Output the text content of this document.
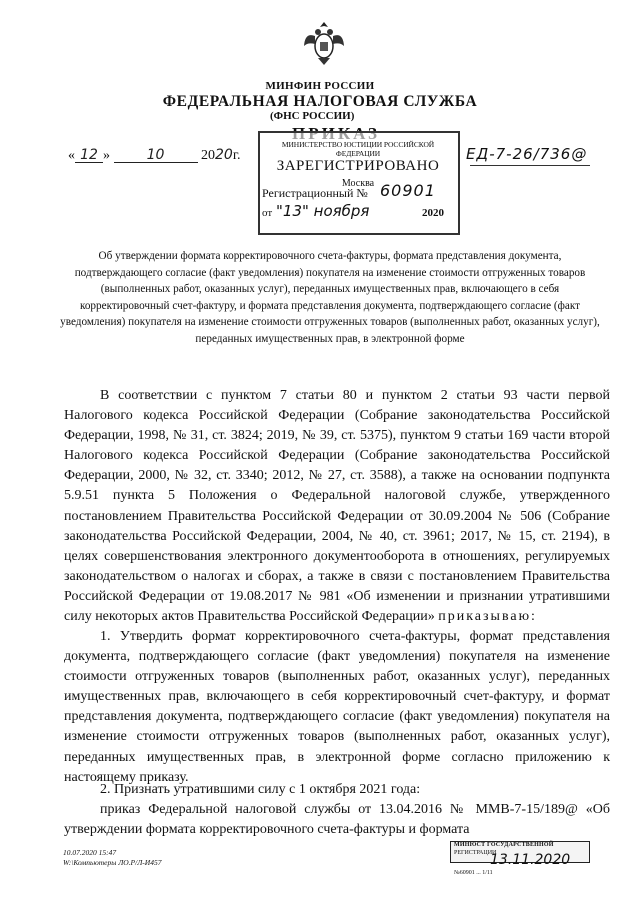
МИНФИН РОССИИ
ФЕДЕРАЛЬНАЯ НАЛОГОВАЯ СЛУЖБА
(ФНС РОССИИ)
« 12 »	10	2020г.	ЕД-7-26/736@
МИНИСТЕРСТВО ЮСТИЦИИ РОССИЙСКОЙ ФЕДЕРАЦИИ
ЗАРЕГИСТРИРОВАНО
Москва
Регистрационный № 60901
от "13" ноября	2020
Об утверждении формата корректировочного счета-фактуры, формата представления документа, подтверждающего согласие (факт уведомления) покупателя на изменение стоимости отгруженных товаров (выполненных работ, оказанных услуг), переданных имущественных прав, включающего в себя корректировочный счет-фактуру, и формата представления документа, подтверждающего согласие (факт уведомления) покупателя на изменение стоимости отгруженных товаров (выполненных работ, оказанных услуг), переданных имущественных прав, в электронной форме
В соответствии с пунктом 7 статьи 80 и пунктом 2 статьи 93 части первой Налогового кодекса Российской Федерации (Собрание законодательства Российской Федерации, 1998, № 31, ст. 3824; 2019, № 39, ст. 5375), пунктом 9 статьи 169 части второй Налогового кодекса Российской Федерации (Собрание законодательства Российской Федерации, 2000, № 32, ст. 3340; 2012, № 27, ст. 3588), а также на основании подпункта 5.9.51 пункта 5 Положения о Федеральной налоговой службе, утвержденного постановлением Правительства Российской Федерации от 30.09.2004 № 506 (Собрание законодательства Российской Федерации, 2004, № 40, ст. 3961; 2017, № 15, ст. 2194), в целях совершенствования электронного документооборота в отношениях, регулируемых законодательством о налогах и сборах, а также в связи с постановлением Правительства Российской Федерации от 19.08.2017 № 981 «Об изменении и признании утратившими силу некоторых актов Правительства Российской Федерации» приказываю:
1. Утвердить формат корректировочного счета-фактуры, формат представления документа, подтверждающего согласие (факт уведомления) покупателя на изменение стоимости отгруженных товаров (выполненных работ, оказанных услуг), переданных имущественных прав, включающего в себя корректировочный счет-фактуру, и формат представления документа, подтверждающего согласие (факт уведомления) покупателя на изменение стоимости отгруженных товаров (выполненных работ, оказанных услуг), переданных имущественных прав, в электронной форме согласно приложению к настоящему приказу.
2. Признать утратившими силу с 1 октября 2021 года:
приказ Федеральной налоговой службы от 13.04.2016 № ММВ-7-15/189@ «Об утверждении формата корректировочного счета-фактуры и формата
10.07.2020 15:47
W:\Компьютеры ЛО.Р/Л-И457
МИНЮСТ ГОСУДАРСТВЕННОЙ
РЕГИСТРАЦИИ
13.11.2020
№60901 ... 1/11
